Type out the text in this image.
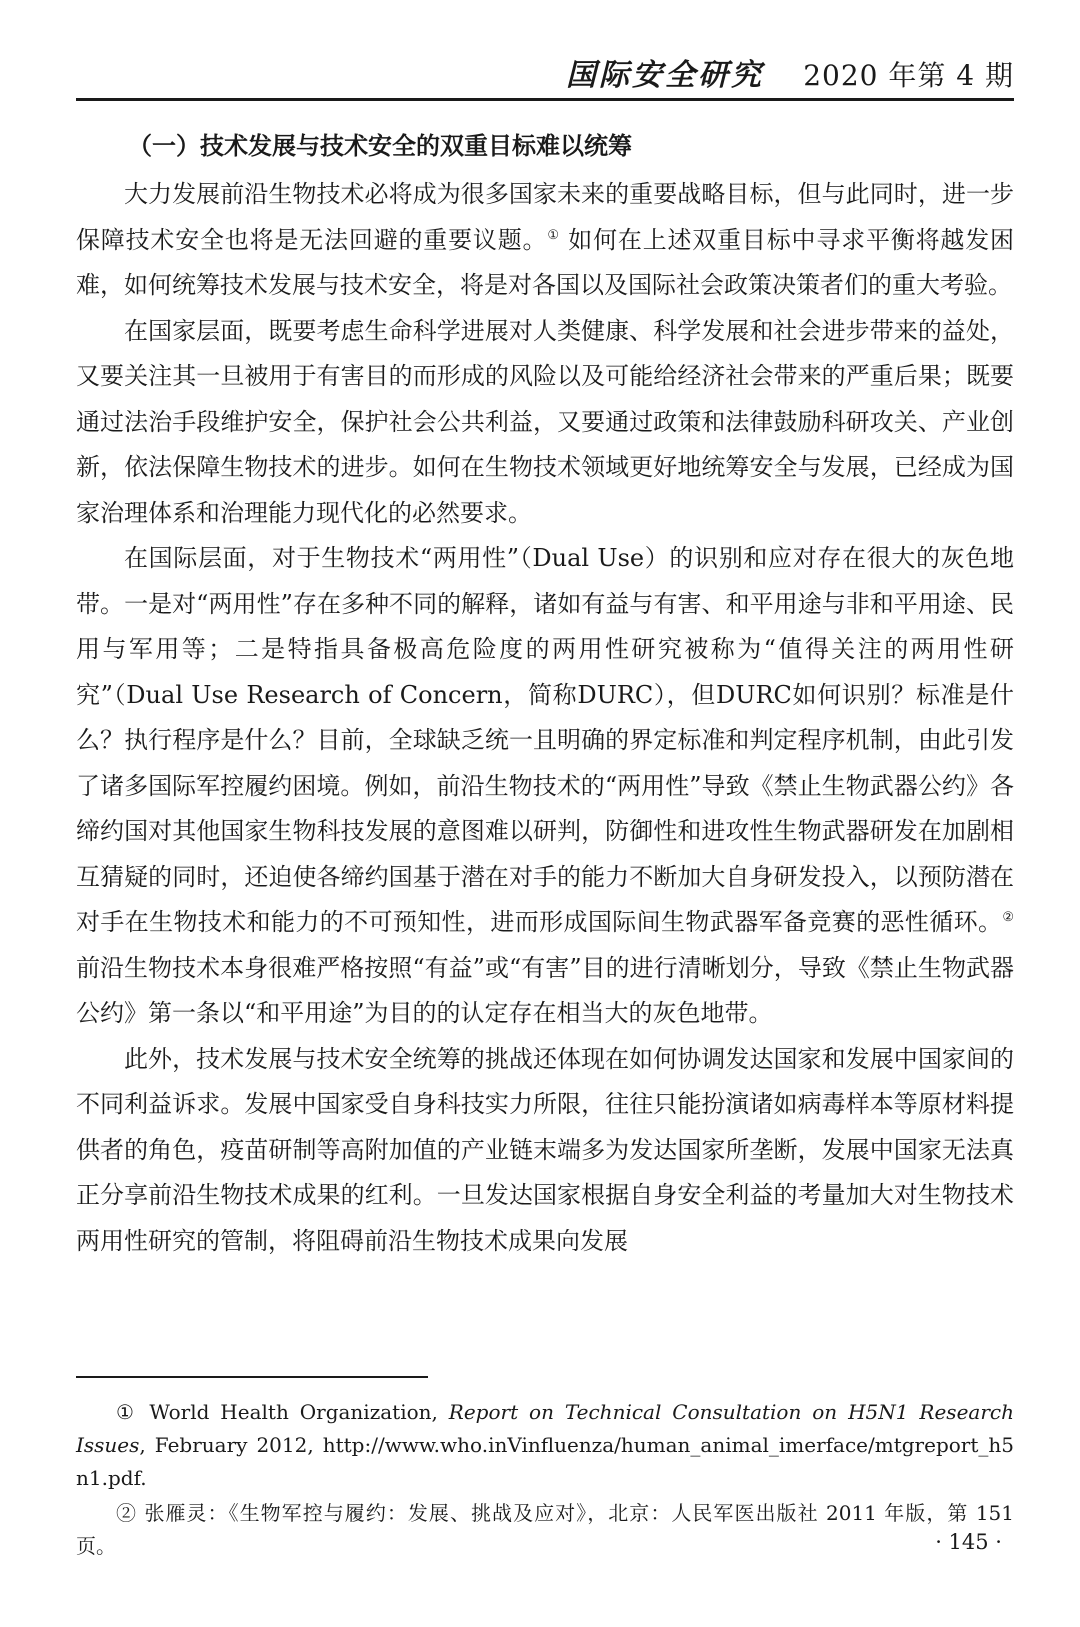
国际安全研究 2020 年第 4 期
（一）技术发展与技术安全的双重目标难以统筹

大力发展前沿生物技术必将成为很多国家未来的重要战略目标，但与此同时，进一步保障技术安全也将是无法回避的重要议题。① 如何在上述双重目标中寻求平衡将越发困难，如何统筹技术发展与技术安全，将是对各国以及国际社会政策决策者们的重大考验。

在国家层面，既要考虑生命科学进展对人类健康、科学发展和社会进步带来的益处，又要关注其一旦被用于有害目的而形成的风险以及可能给经济社会带来的严重后果；既要通过法治手段维护安全，保护社会公共利益，又要通过政策和法律鼓励科研攻关、产业创新，依法保障生物技术的进步。如何在生物技术领域更好地统筹安全与发展，已经成为国家治理体系和治理能力现代化的必然要求。

在国际层面，对于生物技术“两用性”（Dual Use）的识别和应对存在很大的灰色地带。一是对“两用性”存在多种不同的解释，诸如有益与有害、和平用途与非和平用途、民用与军用等；二是特指具备极高危险度的两用性研究被称为“值得关注的两用性研究”（Dual Use Research of Concern，简称DURC），但DURC如何识别？标准是什么？执行程序是什么？目前，全球缺乏统一且明确的界定标准和判定程序机制，由此引发了诸多国际军控履约困境。例如，前沿生物技术的“两用性”导致《禁止生物武器公约》各缔约国对其他国家生物科技发展的意图难以研判，防御性和进攻性生物武器研发在加剧相互猜疑的同时，还迫使各缔约国基于潜在对手的能力不断加大自身研发投入，以预防潜在对手在生物技术和能力的不可预知性，进而形成国际间生物武器军备竞赛的恶性循环。② 前沿生物技术本身很难严格按照“有益”或“有害”目的进行清晰划分，导致《禁止生物武器公约》第一条以“和平用途”为目的的认定存在相当大的灰色地带。

此外，技术发展与技术安全统筹的挑战还体现在如何协调发达国家和发展中国家间的不同利益诉求。发展中国家受自身科技实力所限，往往只能扮演诸如病毒样本等原材料提供者的角色，疫苗研制等高附加值的产业链末端多为发达国家所垄断，发展中国家无法真正分享前沿生物技术成果的红利。一旦发达国家根据自身安全利益的考量加大对生物技术两用性研究的管制，将阻碍前沿生物技术成果向发展

① World Health Organization, Report on Technical Consultation on H5N1 Research Issues, February 2012, http://www.who.inVinfluenza/human_animal_imerface/mtgreport_h5n1.pdf.

② 张雁灵：《生物军控与履约：发展、挑战及应对》，北京：人民军医出版社 2011 年版，第 151 页。	· 145 ·
